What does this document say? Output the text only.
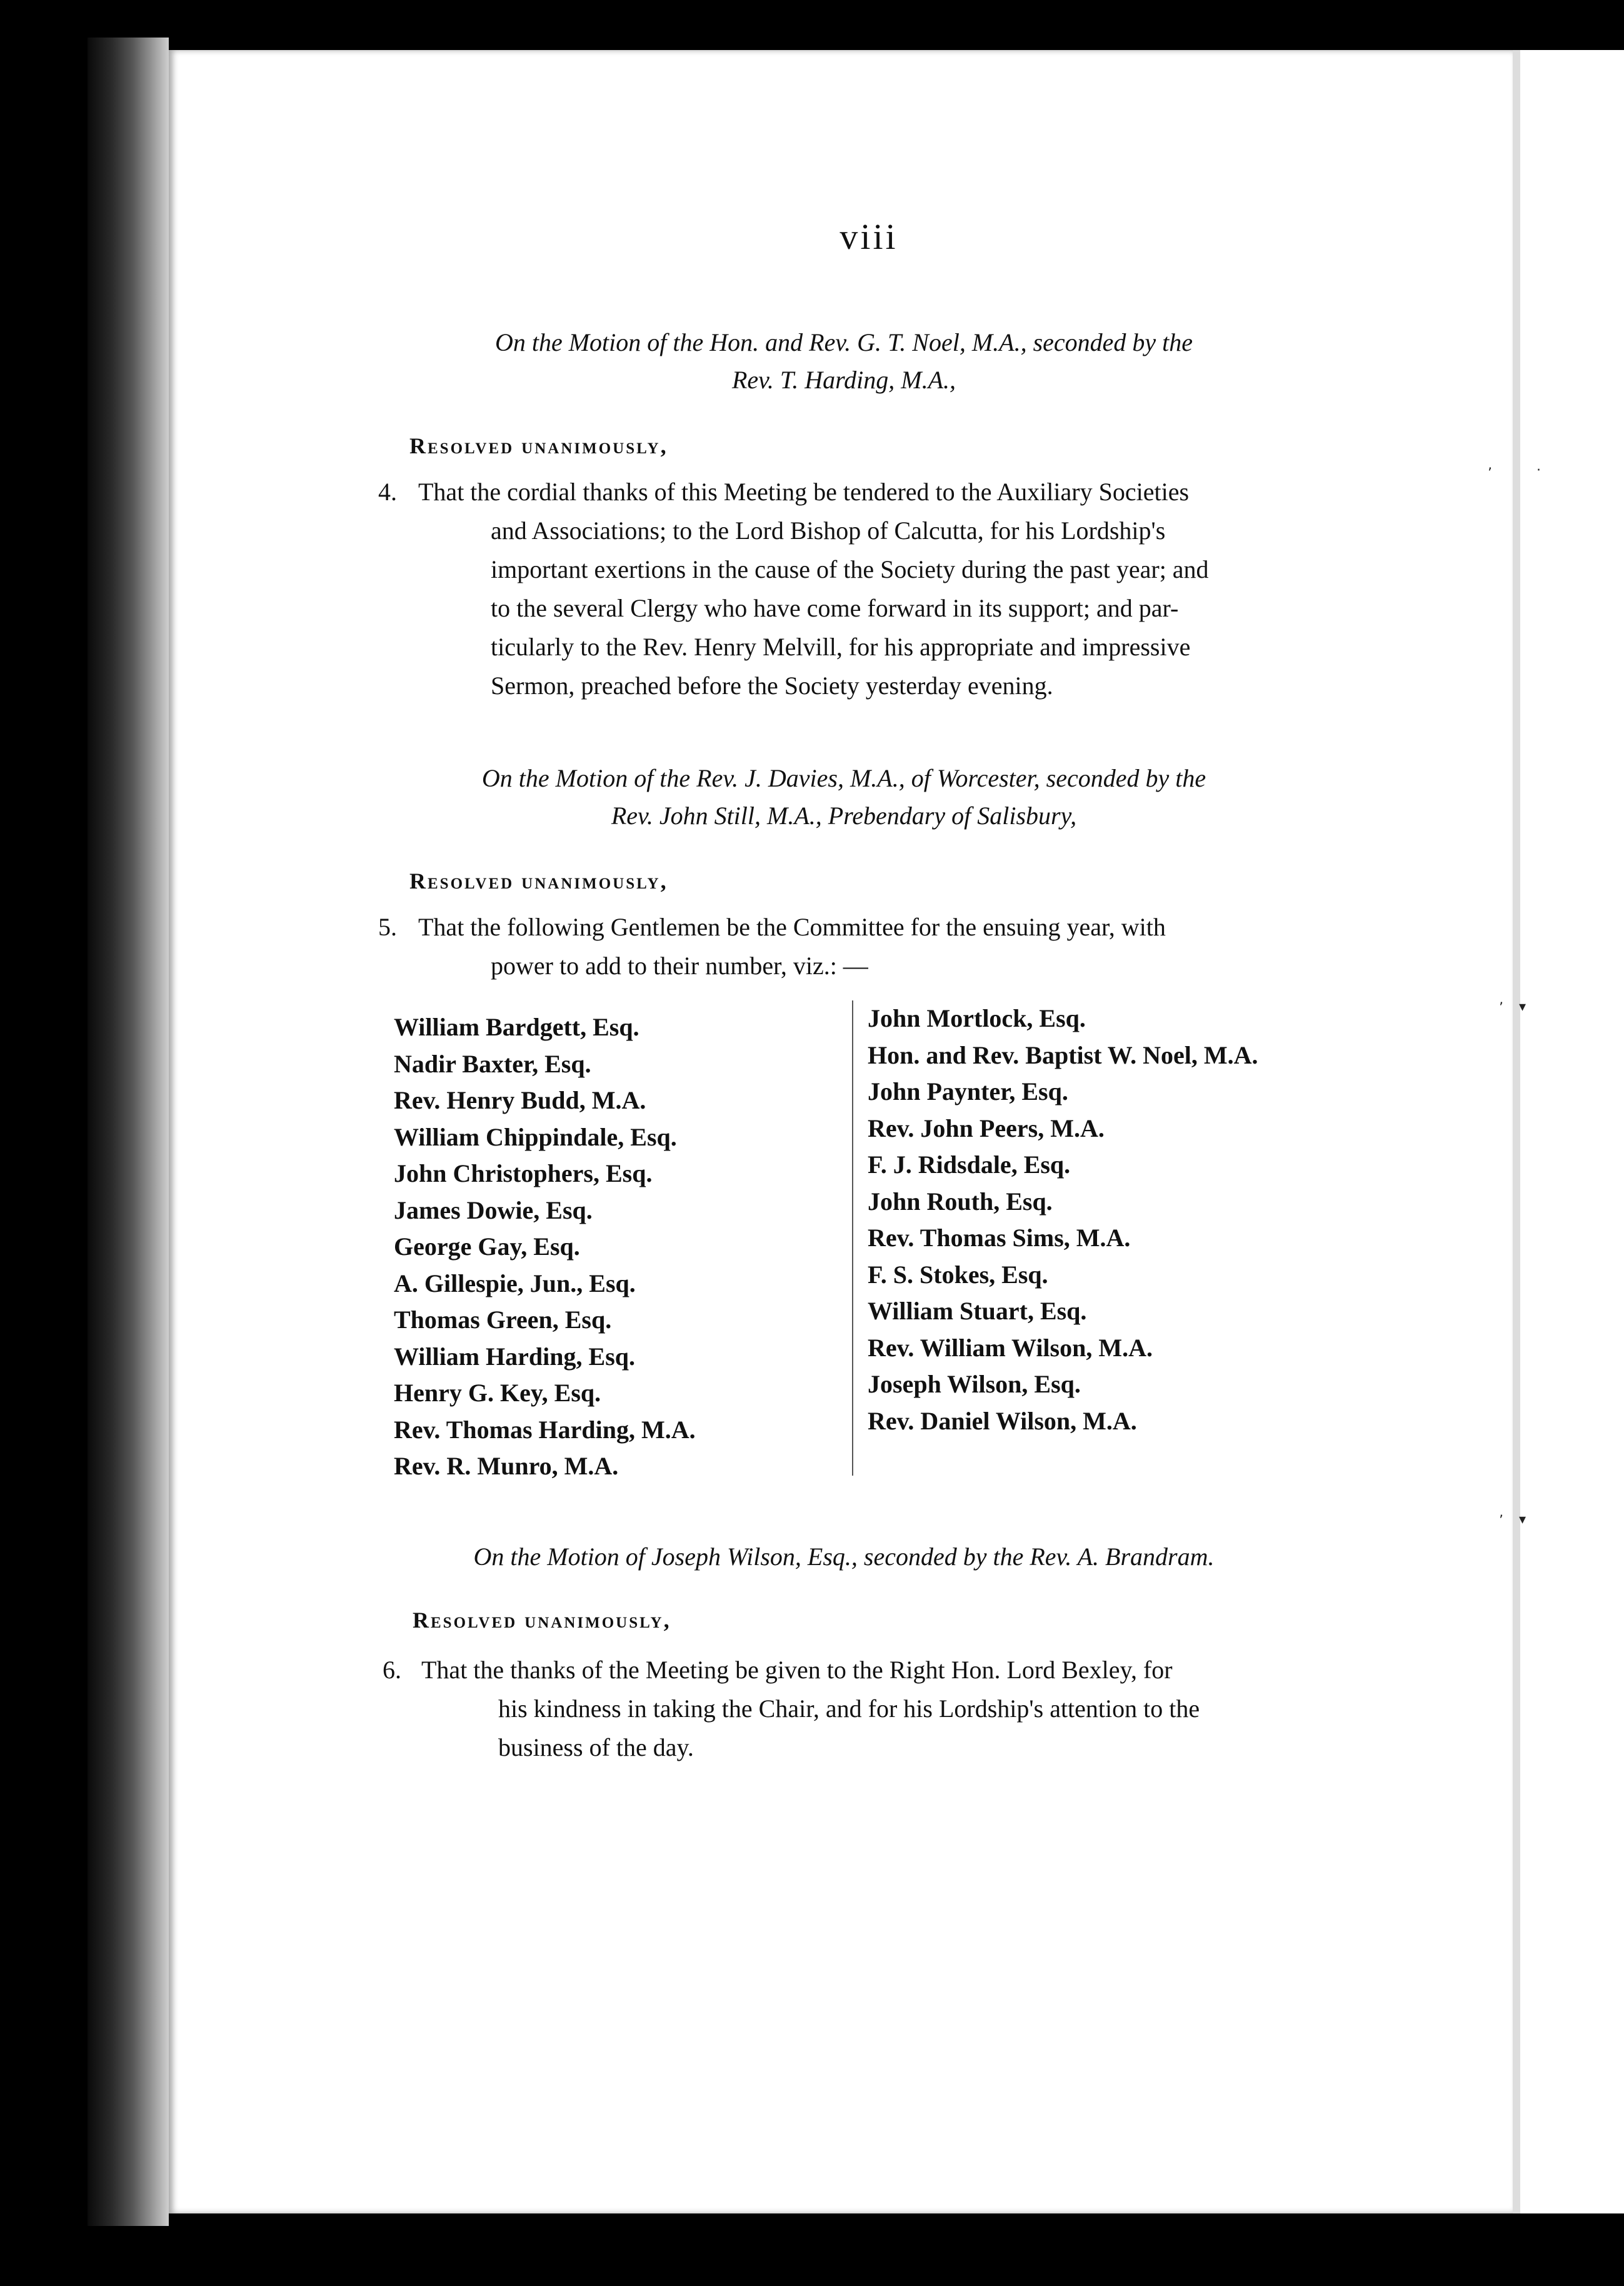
’	·
’ ▾
’ ▾
viii
On the Motion of the Hon. and Rev. G. T. Noel, M.A., seconded by the
Rev. T. Harding, M.A.,
Resolved unanimously,
4. That the cordial thanks of this Meeting be tendered to the Auxiliary Societies
and Associations; to the Lord Bishop of Calcutta, for his Lordship's
important exertions in the cause of the Society during the past year; and
to the several Clergy who have come forward in its support; and par-
ticularly to the Rev. Henry Melvill, for his appropriate and impressive
Sermon, preached before the Society yesterday evening.
On the Motion of the Rev. J. Davies, M.A., of Worcester, seconded by the
Rev. John Still, M.A., Prebendary of Salisbury,
Resolved unanimously,
5. That the following Gentlemen be the Committee for the ensuing year, with
power to add to their number, viz.: —
William Bardgett, Esq.
Nadir Baxter, Esq.
Rev. Henry Budd, M.A.
William Chippindale, Esq.
John Christophers, Esq.
James Dowie, Esq.
George Gay, Esq.
A. Gillespie, Jun., Esq.
Thomas Green, Esq.
William Harding, Esq.
Henry G. Key, Esq.
Rev. Thomas Harding, M.A.
Rev. R. Munro, M.A.
John Mortlock, Esq.
Hon. and Rev. Baptist W. Noel, M.A.
John Paynter, Esq.
Rev. John Peers, M.A.
F. J. Ridsdale, Esq.
John Routh, Esq.
Rev. Thomas Sims, M.A.
F. S. Stokes, Esq.
William Stuart, Esq.
Rev. William Wilson, M.A.
Joseph Wilson, Esq.
Rev. Daniel Wilson, M.A.
On the Motion of Joseph Wilson, Esq., seconded by the Rev. A. Brandram.
Resolved unanimously,
6. That the thanks of the Meeting be given to the Right Hon. Lord Bexley, for
his kindness in taking the Chair, and for his Lordship's attention to the
business of the day.
